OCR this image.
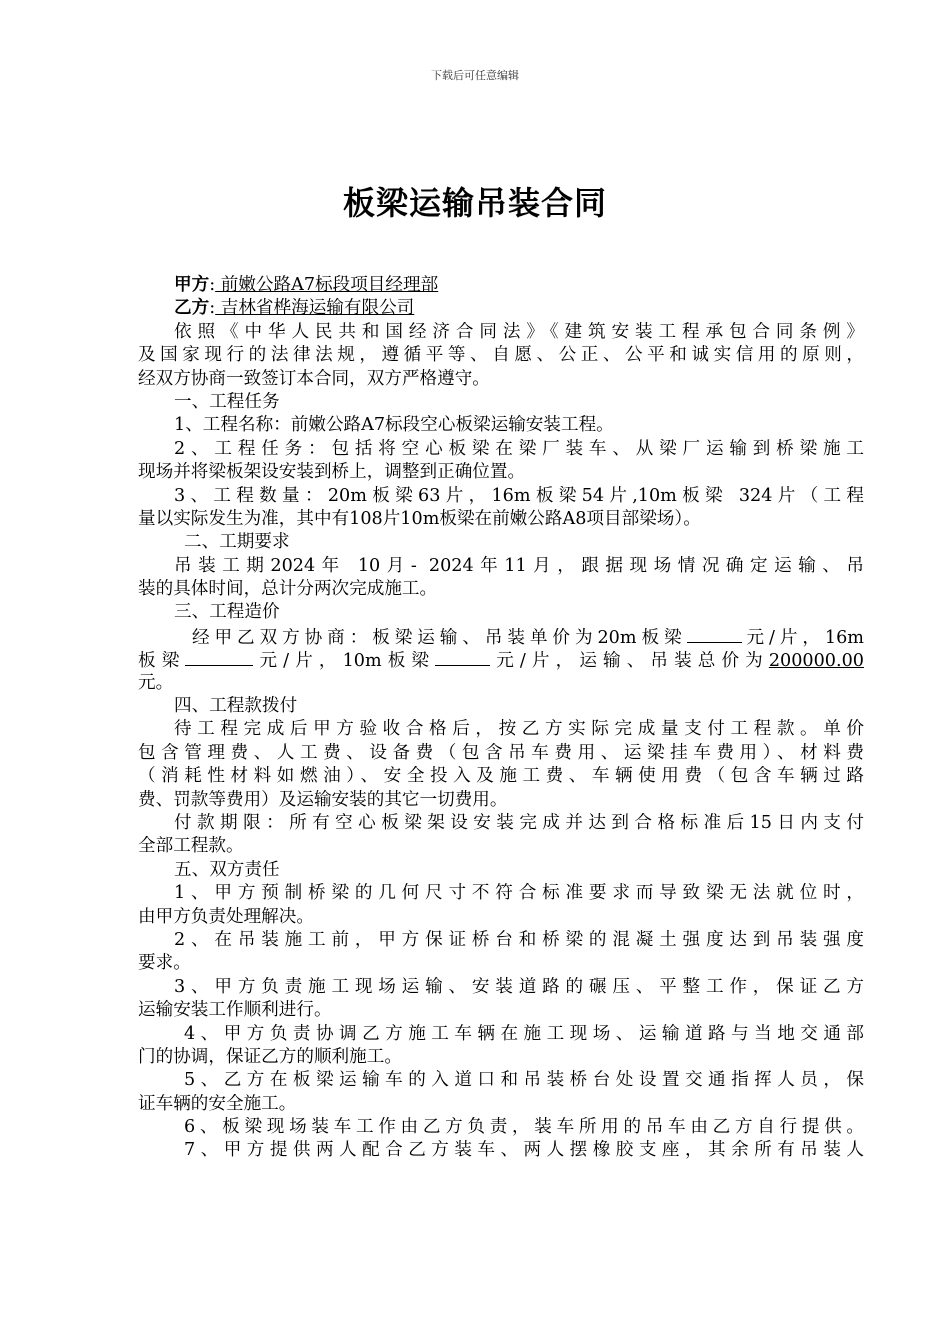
下载后可任意编辑
板梁运输吊装合同
甲方: 前嫩公路A7标段项目经理部
乙方: 吉林省桦海运输有限公司
依照《中华人民共和国经济合同法》《建筑安装工程承包合同条例》
及国家现行的法律法规，遵循平等、自愿、公正、公平和诚实信用的原则，
经双方协商一致签订本合同，双方严格遵守。
一、工程任务
1、工程名称：前嫩公路A7标段空心板梁运输安装工程。
2、工程任务：包括将空心板梁在梁厂装车、从梁厂运输到桥梁施工
现场并将梁板架设安装到桥上，调整到正确位置。
3、工程数量：20m板梁63片，16m板梁54片,10m板梁 324片（工程
量以实际发生为准，其中有108片10m板梁在前嫩公路A8项目部梁场）。
二、工期要求
吊装工期2024年 10月- 2024年11月，跟据现场情况确定运输、吊
装的具体时间，总计分两次完成施工。
三、工程造价
经甲乙双方协商：板梁运输、吊装单价为20m板梁	元/片，16m
板梁	元/片，10m板梁	元/片，运输、吊装总价为200000.00
元。
四、工程款拨付
待工程完成后甲方验收合格后，按乙方实际完成量支付工程款。单价
包含管理费、人工费、设备费（包含吊车费用、运梁挂车费用）、材料费
（消耗性材料如燃油）、安全投入及施工费、车辆使用费（包含车辆过路
费、罚款等费用）及运输安装的其它一切费用。
付款期限：所有空心板梁架设安装完成并达到合格标准后15日内支付
全部工程款。
五、双方责任
1、甲方预制桥梁的几何尺寸不符合标准要求而导致梁无法就位时，
由甲方负责处理解决。
2、在吊装施工前，甲方保证桥台和桥梁的混凝土强度达到吊装强度
要求。
3、甲方负责施工现场运输、安装道路的碾压、平整工作，保证乙方
运输安装工作顺利进行。
4、甲方负责协调乙方施工车辆在施工现场、运输道路与当地交通部
门的协调，保证乙方的顺利施工。
5、乙方在板梁运输车的入道口和吊装桥台处设置交通指挥人员，保
证车辆的安全施工。
6、板梁现场装车工作由乙方负责，装车所用的吊车由乙方自行提供。
7、甲方提供两人配合乙方装车、两人摆橡胶支座，其余所有吊装人
